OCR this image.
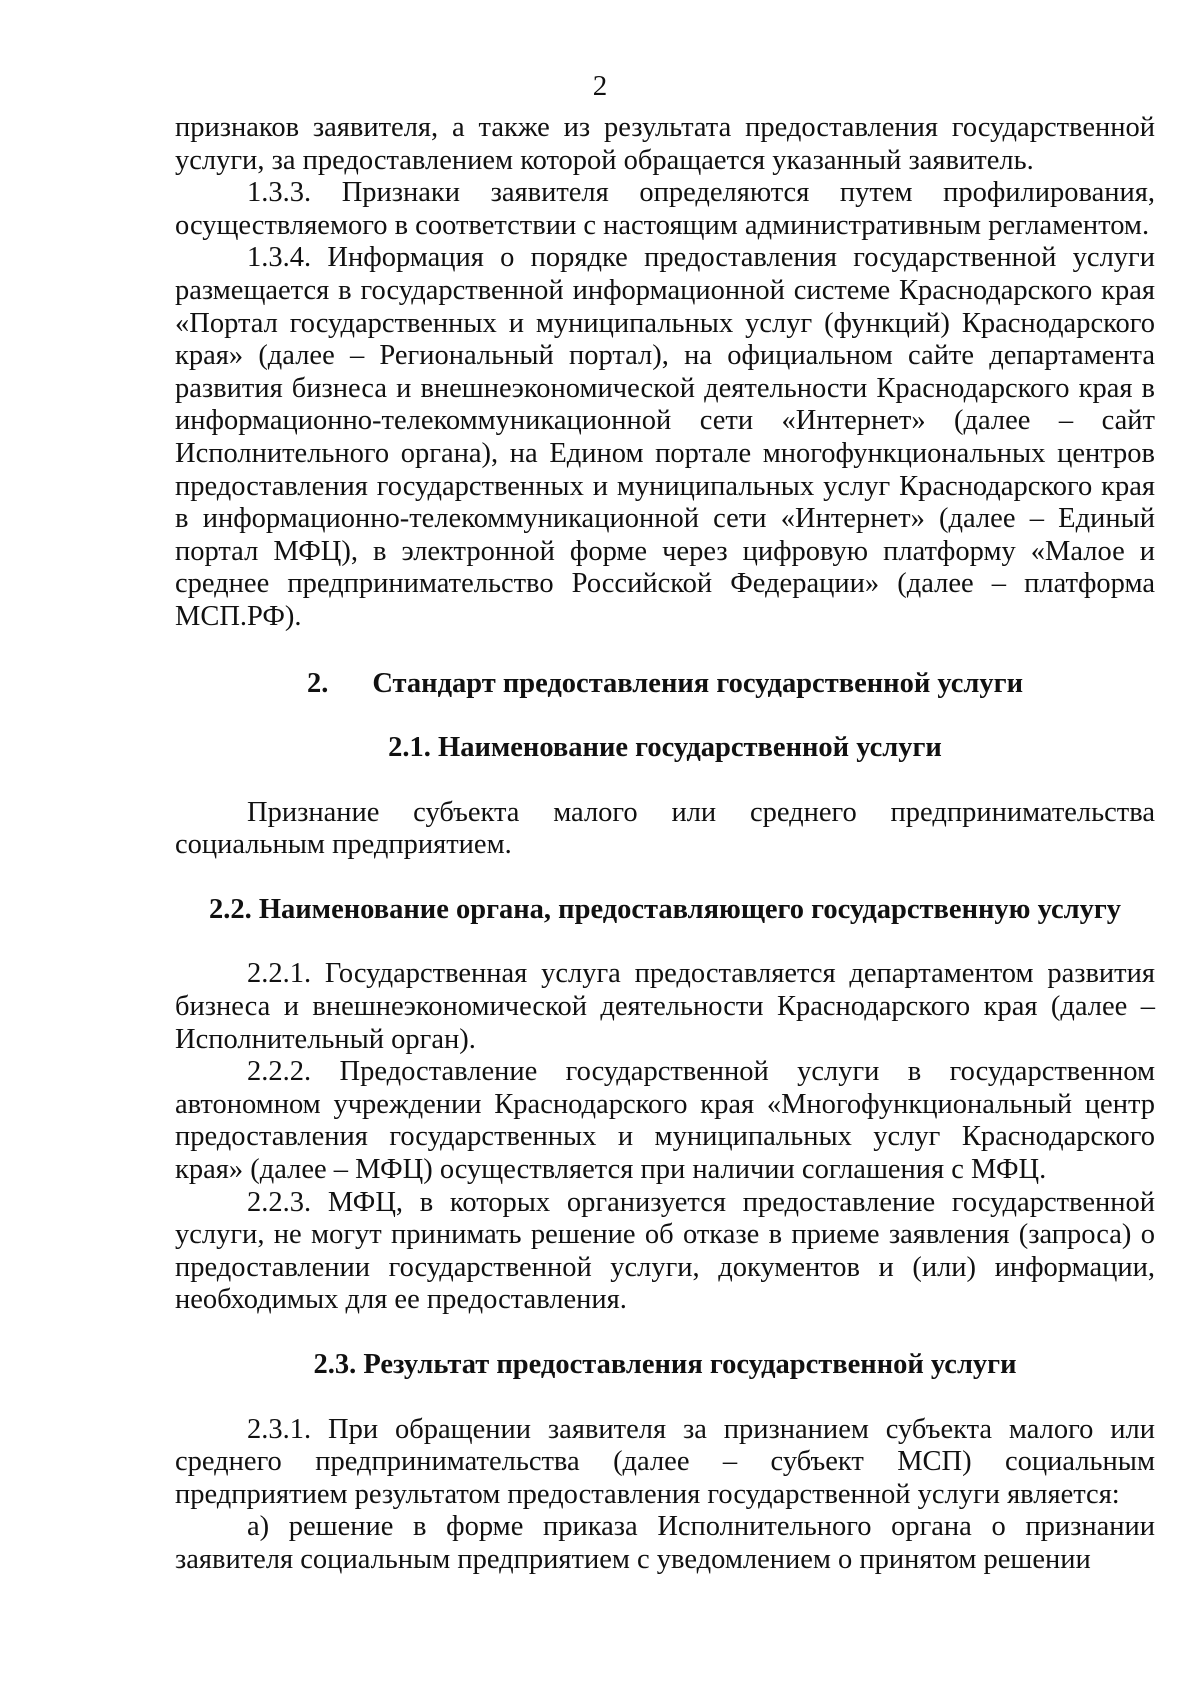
2

признаков заявителя, а также из результата предоставления государственной услуги, за предоставлением которой обращается указанный заявитель.

1.3.3. Признаки заявителя определяются путем профилирования, осуществляемого в соответствии с настоящим административным регламентом.

1.3.4. Информация о порядке предоставления государственной услуги размещается в государственной информационной системе Краснодарского края «Портал государственных и муниципальных услуг (функций) Краснодарского края» (далее – Региональный портал), на официальном сайте департамента развития бизнеса и внешнеэкономической деятельности Краснодарского края в информационно-телекоммуникационной сети «Интернет» (далее – сайт Исполнительного органа), на Едином портале многофункциональных центров предоставления государственных и муниципальных услуг Краснодарского края в информационно-телекоммуникационной сети «Интернет» (далее – Единый портал МФЦ), в электронной форме через цифровую платформу «Малое и среднее предпринимательство Российской Федерации» (далее – платформа МСП.РФ).

2. Стандарт предоставления государственной услуги
2.1. Наименование государственной услуги

Признание субъекта малого или среднего предпринимательства социальным предприятием.

2.2. Наименование органа, предоставляющего государственную услугу

2.2.1. Государственная услуга предоставляется департаментом развития бизнеса и внешнеэкономической деятельности Краснодарского края (далее – Исполнительный орган).

2.2.2. Предоставление государственной услуги в государственном автономном учреждении Краснодарского края «Многофункциональный центр предоставления государственных и муниципальных услуг Краснодарского края» (далее – МФЦ) осуществляется при наличии соглашения с МФЦ.

2.2.3. МФЦ, в которых организуется предоставление государственной услуги, не могут принимать решение об отказе в приеме заявления (запроса) о предоставлении государственной услуги, документов и (или) информации, необходимых для ее предоставления.

2.3. Результат предоставления государственной услуги

2.3.1. При обращении заявителя за признанием субъекта малого или среднего предпринимательства (далее – субъект МСП) социальным предприятием результатом предоставления государственной услуги является:

а) решение в форме приказа Исполнительного органа о признании заявителя социальным предприятием с уведомлением о принятом решении
